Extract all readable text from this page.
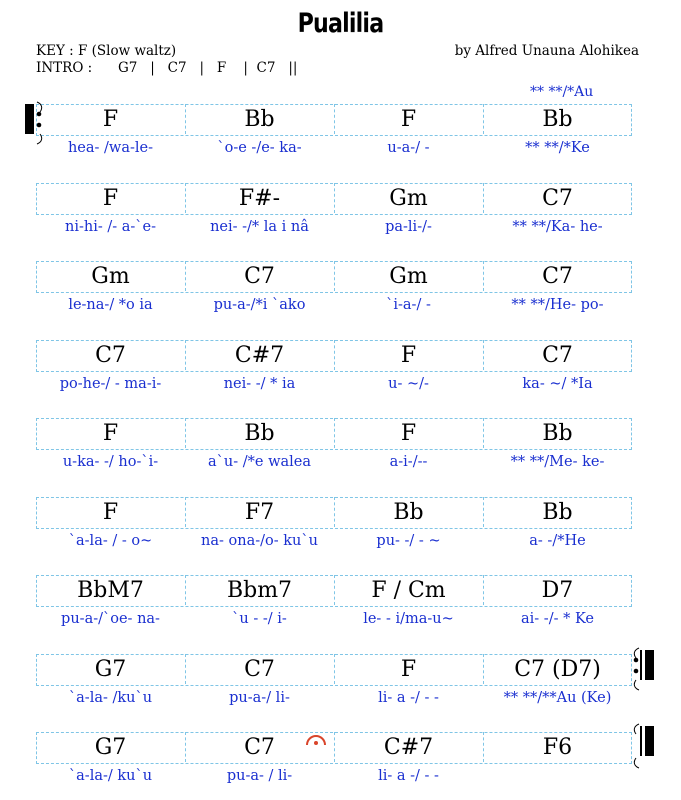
Pualilia
KEY : F (Slow waltz)
INTRO : G7   |   C7   |   F    |  C7   ||
by Alfred Unauna Alohikea
** **/*Au
F
hea- /wa-le-
Bb
`o-e -/e- ka-
F
u-a-/ -
Bb
** **/*Ke
F
ni-hi- /- a-`e-
F#-
nei- -/* la i nâ
Gm
pa-li-/-
C7
** **/Ka- he-
Gm
le-na-/ *o ia
C7
pu-a-/*i `ako
Gm
`i-a-/ -
C7
** **/He- po-
C7
po-he-/ - ma-i-
C#7
nei- -/ * ia
F
u- ~/-
C7
ka- ~/ *Ia
F
u-ka- -/ ho-`i-
Bb
a`u- /*e walea
F
a-i-/--
Bb
** **/Me- ke-
F
`a-la- / - o~
F7
na- ona-/o- ku`u
Bb
pu- -/ - ~
Bb
a- -/*He
BbM7
pu-a-/`oe- na-
Bbm7
`u - -/ i-
F / Cm
le- - i/ma-u~
D7
ai- -/- * Ke
G7
`a-la- /ku`u
C7
pu-a-/ li-
F
li- a -/ - -
C7 (D7)
** **/**Au (Ke)
G7
`a-la-/ ku`u
C7
pu-a- / li-
C#7
li- a -/ - -
F6
